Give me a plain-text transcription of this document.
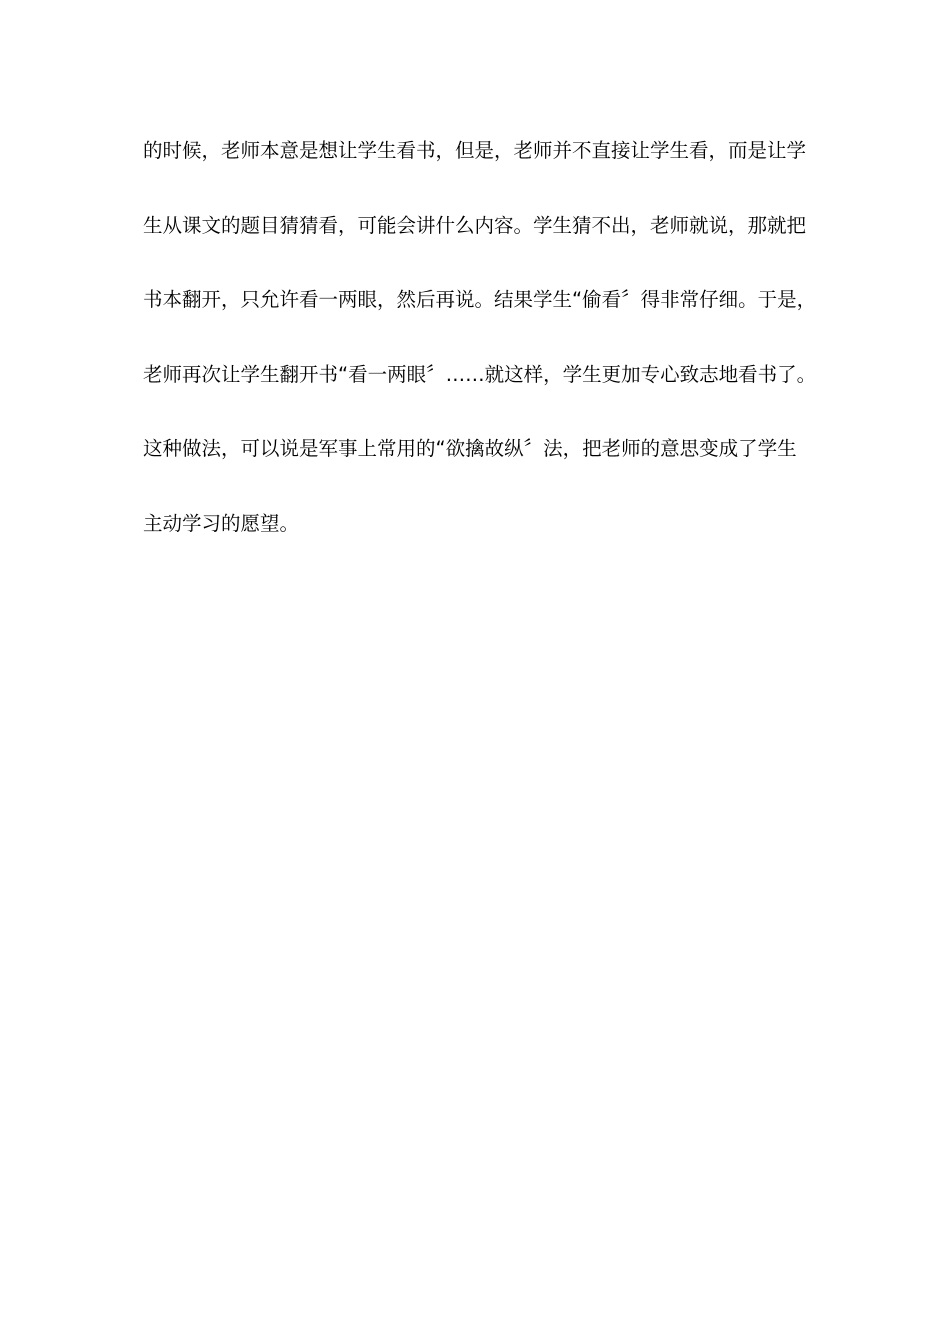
的时候，老师本意是想让学生看书，但是，老师并不直接让学生看，而是让学
生从课文的题目猜猜看，可能会讲什么内容。学生猜不出，老师就说，那就把
书本翻开，只允许看一两眼，然后再说。结果学生“偷看〞得非常仔细。于是，
老师再次让学生翻开书“看一两眼〞……就这样，学生更加专心致志地看书了。
这种做法，可以说是军事上常用的“欲擒故纵〞法，把老师的意思变成了学生
主动学习的愿望。
